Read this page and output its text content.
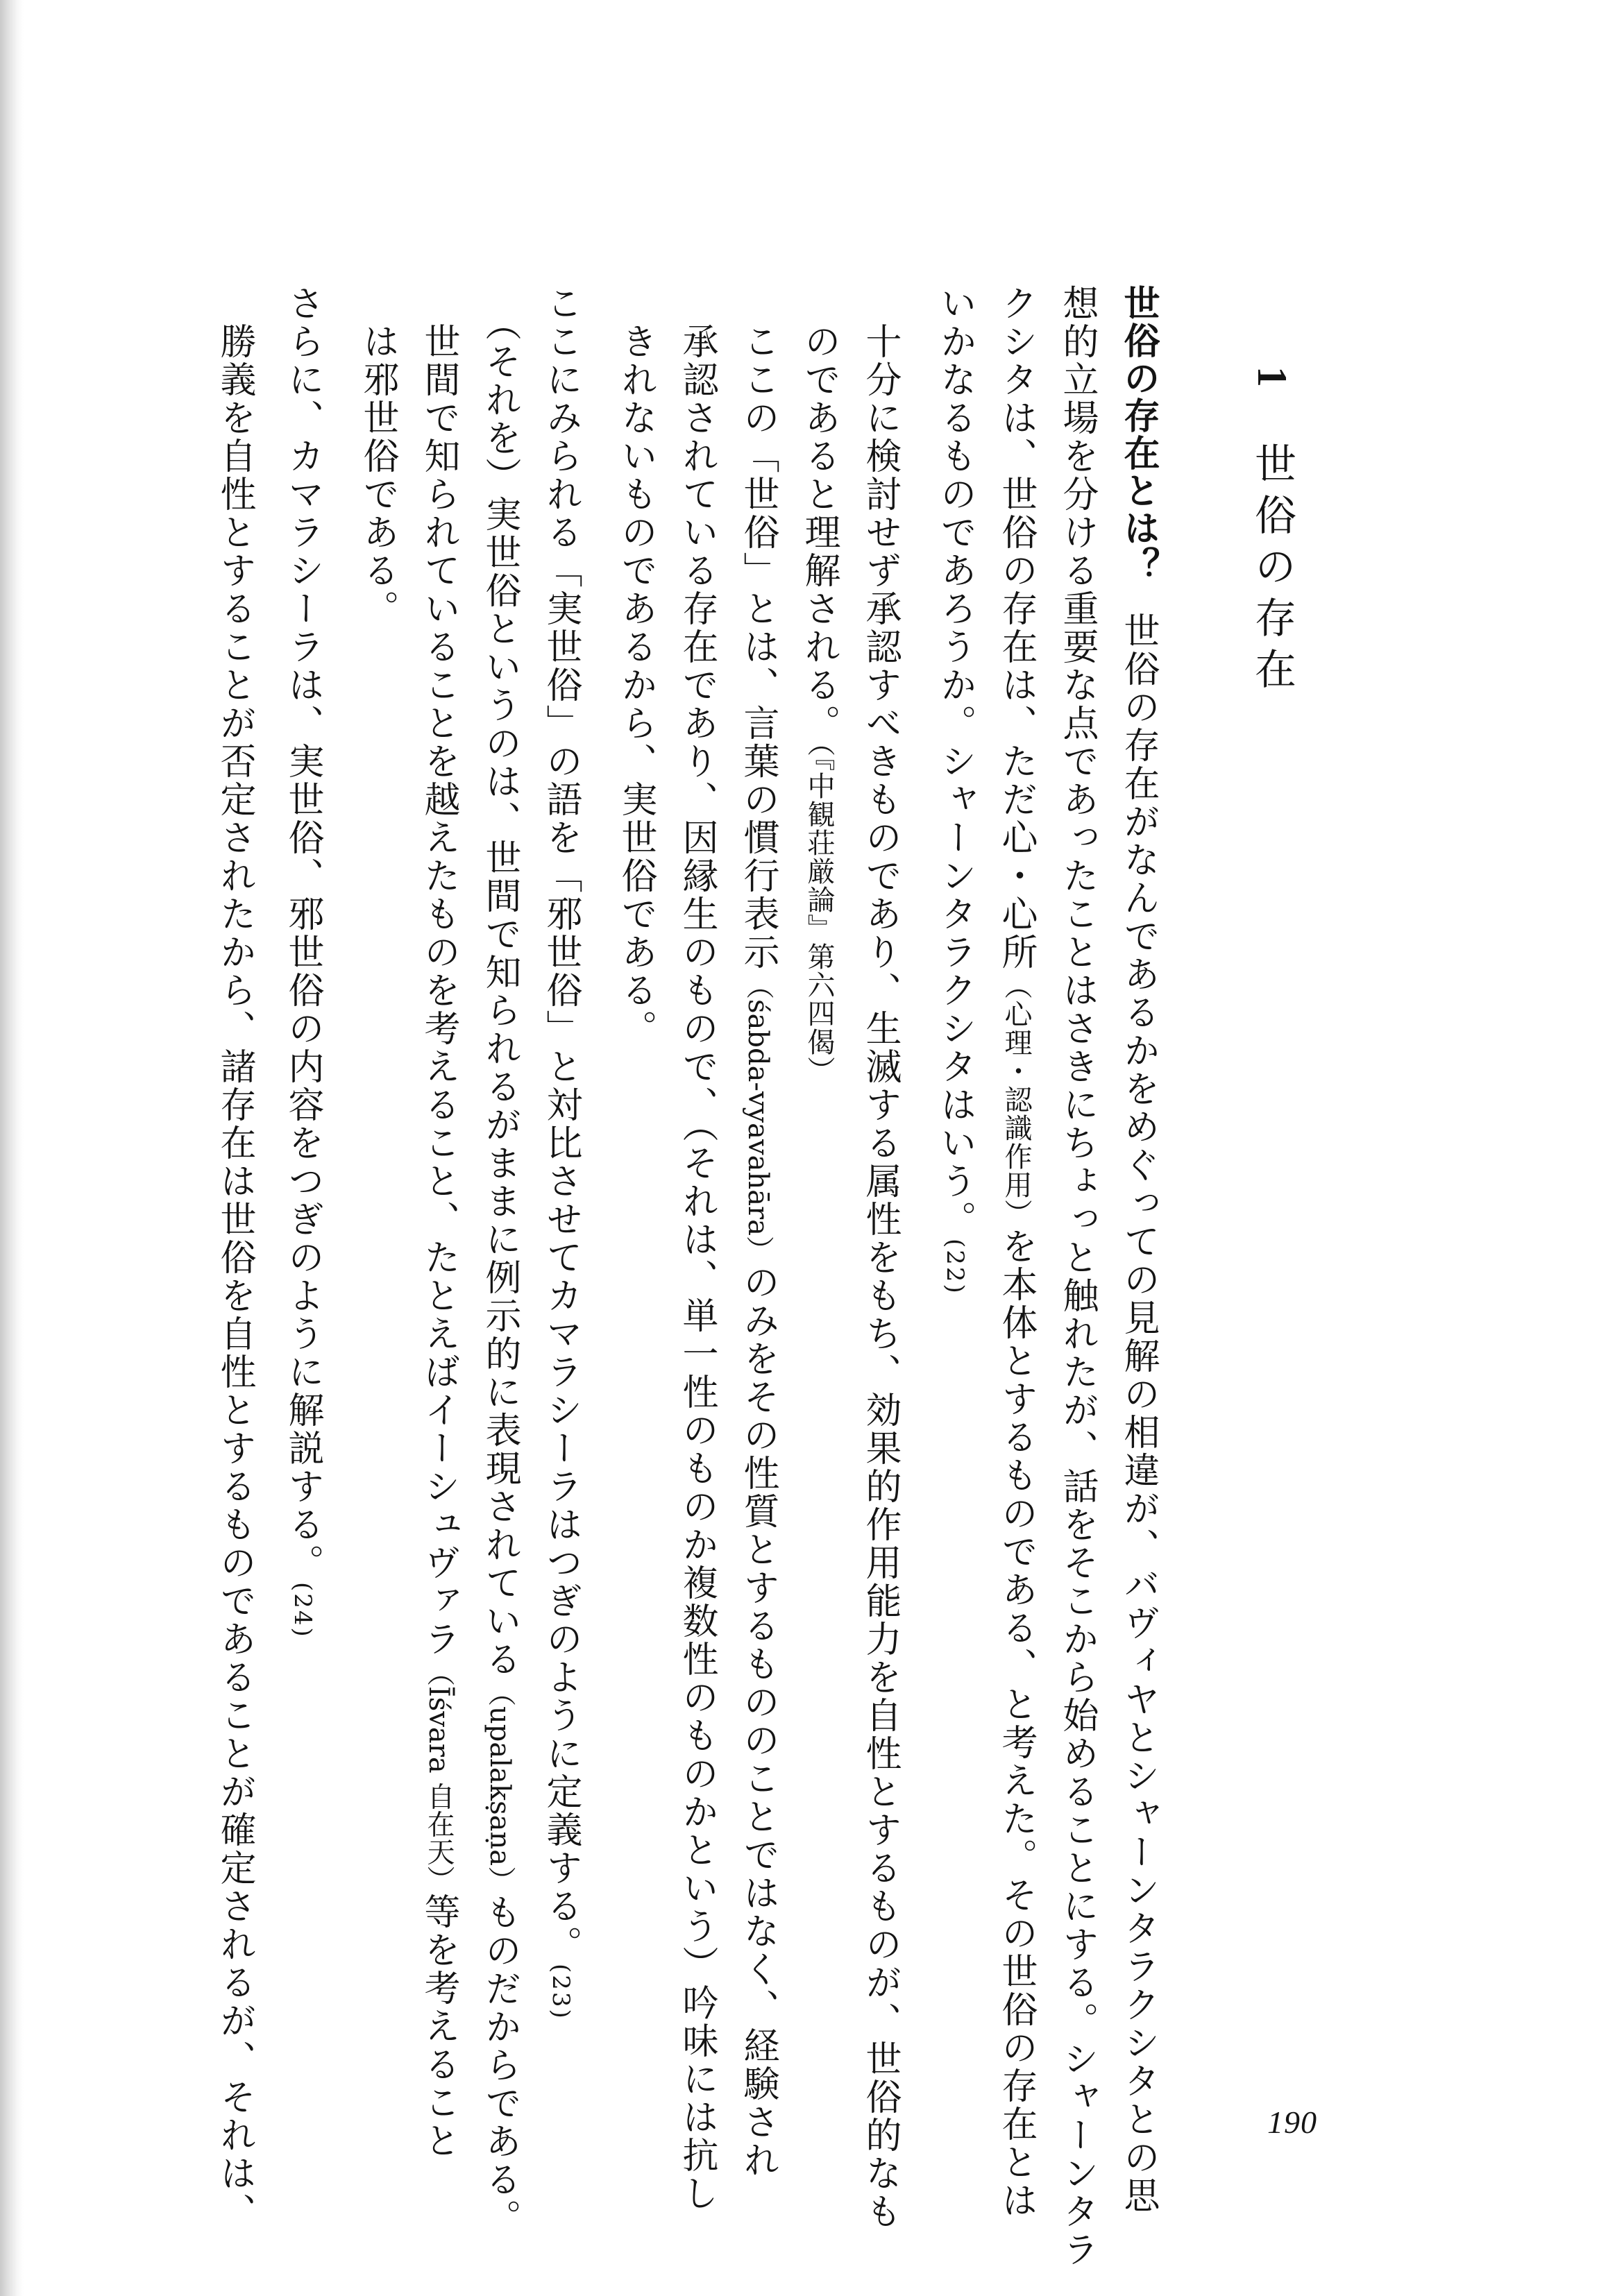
1 世俗の存在
世俗の存在とは？世俗の存在がなんであるかをめぐっての見解の相違が、バヴィヤとシャーンタラクシタとの思
想的立場を分ける重要な点であったことはさきにちょっと触れたが、話をそこから始めることにする。シャーンタラ
クシタは、世俗の存在は、ただ心・心所（心理・認識作用）を本体とするものである、と考えた。その世俗の存在とは
いかなるものであろうか。シャーンタラクシタはいう。(22)
　十分に検討せず承認すべきものであり、生滅する属性をもち、効果的作用能力を自性とするものが、世俗的なも
　のであると理解される。（『中観荘厳論』第六四偈）
　ここの「世俗」とは、言葉の慣行表示（śabda-vyavahāra）のみをその性質とするもののことではなく、経験され
　承認されている存在であり、因縁生のもので、（それは、単一性のものか複数性のものかという）吟味には抗し
　きれないものであるから、実世俗である。
ここにみられる「実世俗」の語を「邪世俗」と対比させてカマラシーラはつぎのように定義する。(23)
　（それを）実世俗というのは、世間で知られるがままに例示的に表現されている（upalakṣaṇa）ものだからである。
　世間で知られていることを越えたものを考えること、たとえばイーシュヴァラ（Īśvara 自在天）等を考えること
　は邪世俗である。
さらに、カマラシーラは、実世俗、邪世俗の内容をつぎのように解説する。(24)
　勝義を自性とすることが否定されたから、諸存在は世俗を自性とするものであることが確定されるが、それは、	190
